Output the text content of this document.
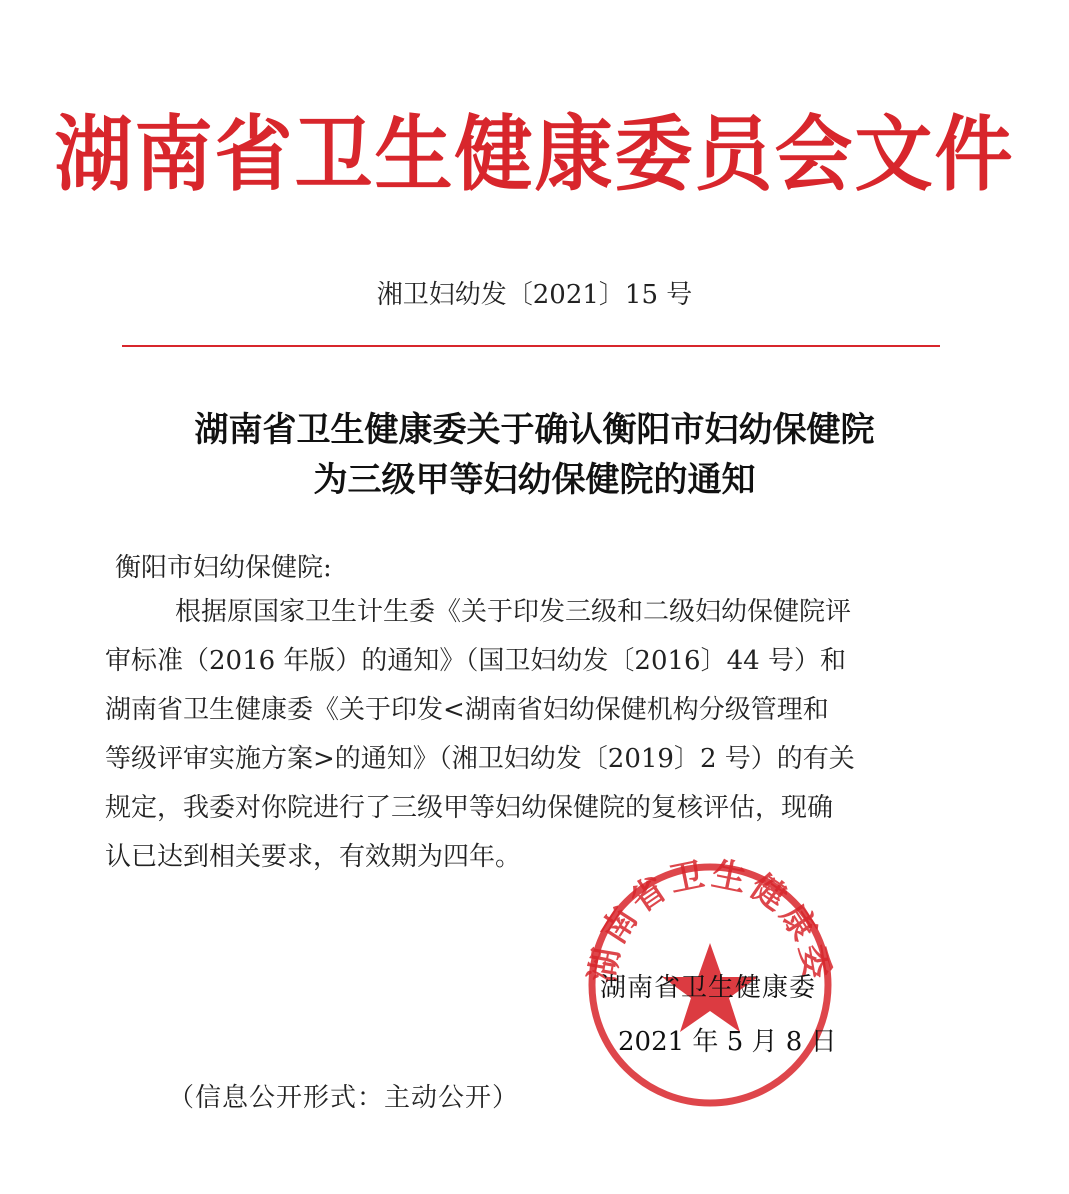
湖南省卫生健康委员会文件
湘卫妇幼发〔2021〕15 号
湖南省卫生健康委关于确认衡阳市妇幼保健院
为三级甲等妇幼保健院的通知
衡阳市妇幼保健院:
根据原国家卫生计生委《关于印发三级和二级妇幼保健院评
审标准（2016 年版）的通知》（国卫妇幼发〔2016〕44 号）和
湖南省卫生健康委《关于印发<湖南省妇幼保健机构分级管理和
等级评审实施方案>的通知》（湘卫妇幼发〔2019〕2 号）的有关
规定，我委对你院进行了三级甲等妇幼保健院的复核评估，现确
认已达到相关要求，有效期为四年。
湖南省卫生健康委
湖南省卫生健康委
2021 年 5 月 8 日
（信息公开形式：主动公开）
